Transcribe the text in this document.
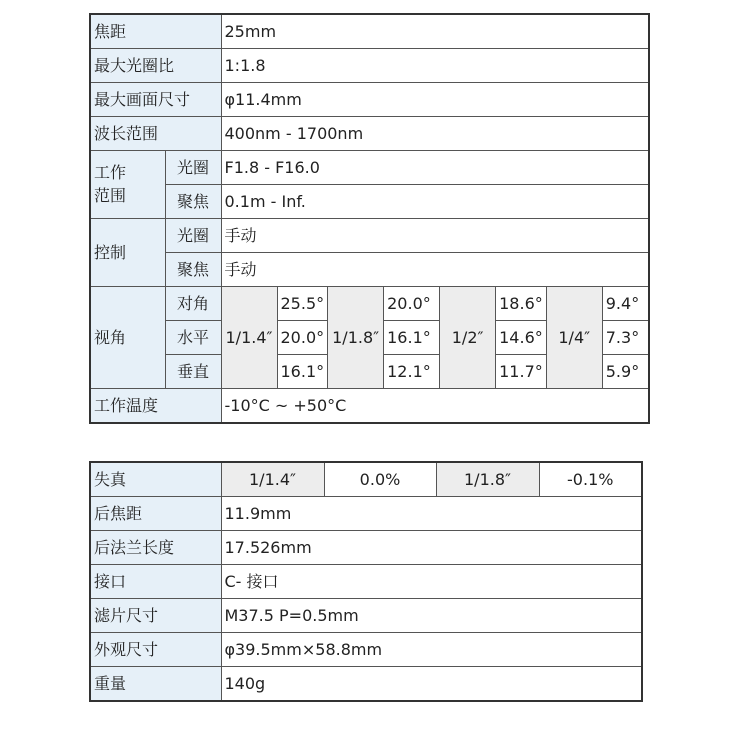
焦距		25mm							
最大光圈比		1:1.8							
最大画面尺寸		φ11.4mm							
波长范围		400nm - 1700nm							
工作
范围	光圈	F1.8 - F16.0							
	聚焦	0.1m - Inf.							
控制	光圈	手动							
	聚焦	手动							
视角	对角	1/1.4″	25.5°	1/1.8″	20.0°	1/2″	18.6°	1/4″	9.4°
	水平		20.0°		16.1°		14.6°		7.3°
	垂直		16.1°		12.1°		11.7°		5.9°
工作温度		-10°C ~ +50°C							
失真	1/1.4″	0.0%	1/1.8″	-0.1%
后焦距	11.9mm			
后法兰长度	17.526mm			
接口	C- 接口			
滤片尺寸	M37.5 P=0.5mm			
外观尺寸	φ39.5mm×58.8mm			
重量	140g			
